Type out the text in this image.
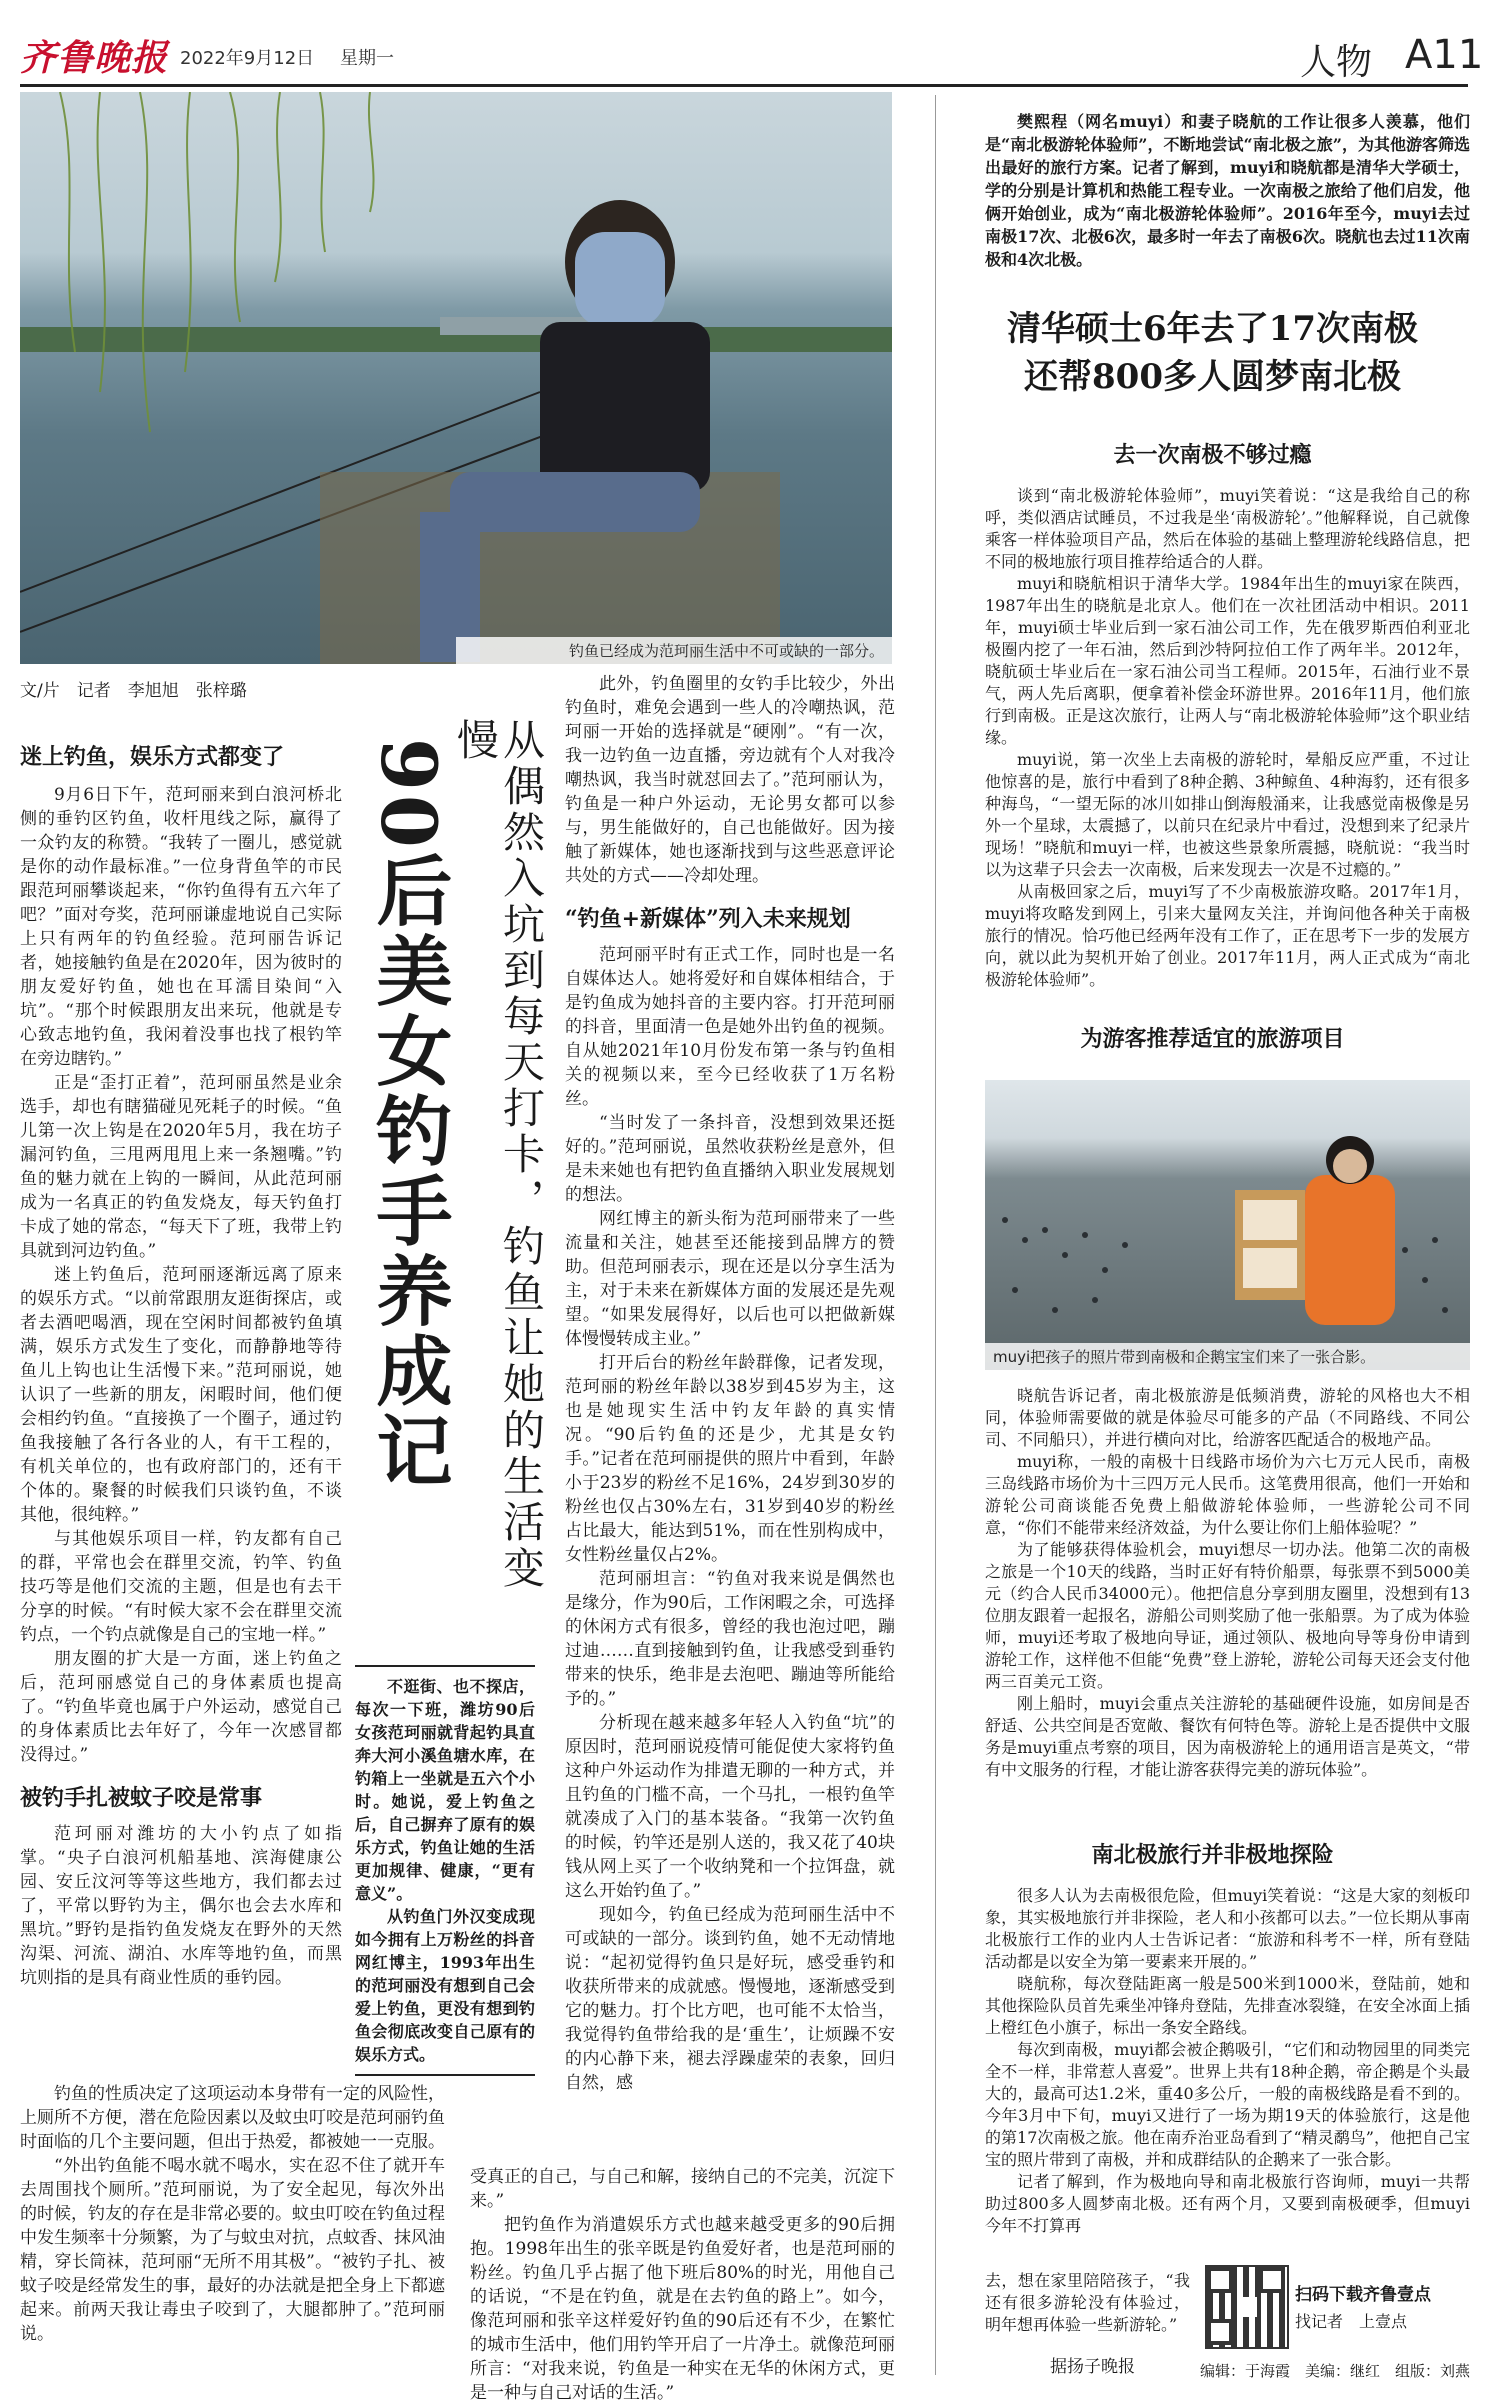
齐鲁晚报 2022年9月12日 星期一	人物 A11
钓鱼已经成为范珂丽生活中不可或缺的一部分。
文/片　记者　李旭旭　张梓璐
迷上钓鱼，娱乐方式都变了

9月6日下午，范珂丽来到白浪河桥北侧的垂钓区钓鱼，收杆甩线之际，赢得了一众钓友的称赞。“我转了一圈儿，感觉就是你的动作最标准。”一位身背鱼竿的市民跟范珂丽攀谈起来，“你钓鱼得有五六年了吧？”面对夸奖，范珂丽谦虚地说自己实际上只有两年的钓鱼经验。范珂丽告诉记者，她接触钓鱼是在2020年，因为彼时的朋友爱好钓鱼，她也在耳濡目染间“入坑”。“那个时候跟朋友出来玩，他就是专心致志地钓鱼，我闲着没事也找了根钓竿在旁边瞎钓。”

正是“歪打正着”，范珂丽虽然是业余选手，却也有瞎猫碰见死耗子的时候。“鱼儿第一次上钩是在2020年5月，我在坊子漏河钓鱼，三甩两甩甩上来一条翘嘴。”钓鱼的魅力就在上钩的一瞬间，从此范珂丽成为一名真正的钓鱼发烧友，每天钓鱼打卡成了她的常态，“每天下了班，我带上钓具就到河边钓鱼。”

迷上钓鱼后，范珂丽逐渐远离了原来的娱乐方式。“以前常跟朋友逛街探店，或者去酒吧喝酒，现在空闲时间都被钓鱼填满，娱乐方式发生了变化，而静静地等待鱼儿上钩也让生活慢下来。”范珂丽说，她认识了一些新的朋友，闲暇时间，他们便会相约钓鱼。“直接换了一个圈子，通过钓鱼我接触了各行各业的人，有干工程的，有机关单位的，也有政府部门的，还有干个体的。聚餐的时候我们只谈钓鱼，不谈其他，很纯粹。”

与其他娱乐项目一样，钓友都有自己的群，平常也会在群里交流，钓竿、钓鱼技巧等是他们交流的主题，但是也有去干分享的时候。“有时候大家不会在群里交流钓点，一个钓点就像是自己的宝地一样。”

朋友圈的扩大是一方面，迷上钓鱼之后，范珂丽感觉自己的身体素质也提高了。“钓鱼毕竟也属于户外运动，感觉自己的身体素质比去年好了，今年一次感冒都没得过。”

被钓手扎被蚊子咬是常事

范珂丽对潍坊的大小钓点了如指掌。“央子白浪河机船基地、滨海健康公园、安丘汶河等等这些地方，我们都去过了，平常以野钓为主，偶尔也会去水库和黑坑。”野钓是指钓鱼发烧友在野外的天然沟渠、河流、湖泊、水库等地钓鱼，而黑坑则指的是具有商业性质的垂钓园。

90后美女钓手养成记	从偶然入坑到每天打卡，钓鱼让她的生活变慢

不逛街、也不探店，每次一下班，潍坊90后女孩范珂丽就背起钓具直奔大河小溪鱼塘水库，在钓箱上一坐就是五六个小时。她说，爱上钓鱼之后，自己摒弃了原有的娱乐方式，钓鱼让她的生活更加规律、健康，“更有意义”。

从钓鱼门外汉变成现如今拥有上万粉丝的抖音网红博主，1993年出生的范珂丽没有想到自己会爱上钓鱼，更没有想到钓鱼会彻底改变自己原有的娱乐方式。

钓鱼的性质决定了这项运动本身带有一定的风险性，上厕所不方便，潜在危险因素以及蚊虫叮咬是范珂丽钓鱼时面临的几个主要问题，但出于热爱，都被她一一克服。

“外出钓鱼能不喝水就不喝水，实在忍不住了就开车去周围找个厕所。”范珂丽说，为了安全起见，每次外出的时候，钓友的存在是非常必要的。蚊虫叮咬在钓鱼过程中发生频率十分频繁，为了与蚊虫对抗，点蚊香、抹风油精，穿长筒袜，范珂丽“无所不用其极”。“被钓子扎、被蚊子咬是经常发生的事，最好的办法就是把全身上下都遮起来。前两天我让毒虫子咬到了，大腿都肿了。”范珂丽说。

此外，钓鱼圈里的女钓手比较少，外出钓鱼时，难免会遇到一些人的冷嘲热讽，范珂丽一开始的选择就是“硬刚”。“有一次，我一边钓鱼一边直播，旁边就有个人对我冷嘲热讽，我当时就怼回去了。”范珂丽认为，钓鱼是一种户外运动，无论男女都可以参与，男生能做好的，自己也能做好。因为接触了新媒体，她也逐渐找到与这些恶意评论共处的方式——冷却处理。

“钓鱼+新媒体”列入未来规划

范珂丽平时有正式工作，同时也是一名自媒体达人。她将爱好和自媒体相结合，于是钓鱼成为她抖音的主要内容。打开范珂丽的抖音，里面清一色是她外出钓鱼的视频。自从她2021年10月份发布第一条与钓鱼相关的视频以来，至今已经收获了1万名粉丝。

“当时发了一条抖音，没想到效果还挺好的。”范珂丽说，虽然收获粉丝是意外，但是未来她也有把钓鱼直播纳入职业发展规划的想法。

网红博主的新头衔为范珂丽带来了一些流量和关注，她甚至还能接到品牌方的赞助。但范珂丽表示，现在还是以分享生活为主，对于未来在新媒体方面的发展还是先观望。“如果发展得好，以后也可以把做新媒体慢慢转成主业。”

打开后台的粉丝年龄群像，记者发现，范珂丽的粉丝年龄以38岁到45岁为主，这也是她现实生活中钓友年龄的真实情况。“90后钓鱼的还是少，尤其是女钓手。”记者在范珂丽提供的照片中看到，年龄小于23岁的粉丝不足16%，24岁到30岁的粉丝也仅占30%左右，31岁到40岁的粉丝占比最大，能达到51%，而在性别构成中，女性粉丝量仅占2%。

范珂丽坦言：“钓鱼对我来说是偶然也是缘分，作为90后，工作闲暇之余，可选择的休闲方式有很多，曾经的我也泡过吧，蹦过迪……直到接触到钓鱼，让我感受到垂钓带来的快乐，绝非是去泡吧、蹦迪等所能给予的。”

分析现在越来越多年轻人入钓鱼“坑”的原因时，范珂丽说疫情可能促使大家将钓鱼这种户外运动作为排遣无聊的一种方式，并且钓鱼的门槛不高，一个马扎，一根钓鱼竿就凑成了入门的基本装备。“我第一次钓鱼的时候，钓竿还是别人送的，我又花了40块钱从网上买了一个收纳凳和一个拉饵盘，就这么开始钓鱼了。”

现如今，钓鱼已经成为范珂丽生活中不可或缺的一部分。谈到钓鱼，她不无动情地说：“起初觉得钓鱼只是好玩，感受垂钓和收获所带来的成就感。慢慢地，逐渐感受到它的魅力。打个比方吧，也可能不太恰当，我觉得钓鱼带给我的是‘重生’，让烦躁不安的内心静下来，褪去浮躁虚荣的表象，回归自然，感

受真正的自己，与自己和解，接纳自己的不完美，沉淀下来。”

把钓鱼作为消遣娱乐方式也越来越受更多的90后拥抱。1998年出生的张辛既是钓鱼爱好者，也是范珂丽的粉丝。钓鱼几乎占据了他下班后80%的时光，用他自己的话说，“不是在钓鱼，就是在去钓鱼的路上”。如今，像范珂丽和张辛这样爱好钓鱼的90后还有不少，在繁忙的城市生活中，他们用钓竿开启了一片净土。就像范珂丽所言：“对我来说，钓鱼是一种实在无华的休闲方式，更是一种与自己对话的生活。”

樊熙程（网名muyi）和妻子晓航的工作让很多人羡慕，他们是“南北极游轮体验师”，不断地尝试“南北极之旅”，为其他游客筛选出最好的旅行方案。记者了解到，muyi和晓航都是清华大学硕士，学的分别是计算机和热能工程专业。一次南极之旅给了他们启发，他俩开始创业，成为“南北极游轮体验师”。2016年至今，muyi去过南极17次、北极6次，最多时一年去了南极6次。晓航也去过11次南极和4次北极。
清华硕士6年去了17次南极
还帮800多人圆梦南北极
去一次南极不够过瘾

谈到“南北极游轮体验师”，muyi笑着说：“这是我给自己的称呼，类似酒店试睡员，不过我是坐‘南极游轮’。”他解释说，自己就像乘客一样体验项目产品，然后在体验的基础上整理游轮线路信息，把不同的极地旅行项目推荐给适合的人群。

muyi和晓航相识于清华大学。1984年出生的muyi家在陕西，1987年出生的晓航是北京人。他们在一次社团活动中相识。2011年，muyi硕士毕业后到一家石油公司工作，先在俄罗斯西伯利亚北极圈内挖了一年石油，然后到沙特阿拉伯工作了两年半。2012年，晓航硕士毕业后在一家石油公司当工程师。2015年，石油行业不景气，两人先后离职，便拿着补偿金环游世界。2016年11月，他们旅行到南极。正是这次旅行，让两人与“南北极游轮体验师”这个职业结缘。

muyi说，第一次坐上去南极的游轮时，晕船反应严重，不过让他惊喜的是，旅行中看到了8种企鹅、3种鲸鱼、4种海豹，还有很多种海鸟，“一望无际的冰川如排山倒海般涌来，让我感觉南极像是另外一个星球，太震撼了，以前只在纪录片中看过，没想到来了纪录片现场！”晓航和muyi一样，也被这些景象所震撼，晓航说：“我当时以为这辈子只会去一次南极，后来发现去一次是不过瘾的。”

从南极回家之后，muyi写了不少南极旅游攻略。2017年1月，muyi将攻略发到网上，引来大量网友关注，并询问他各种关于南极旅行的情况。恰巧他已经两年没有工作了，正在思考下一步的发展方向，就以此为契机开始了创业。2017年11月，两人正式成为“南北极游轮体验师”。

为游客推荐适宜的旅游项目
muyi把孩子的照片带到南极和企鹅宝宝们来了一张合影。

晓航告诉记者，南北极旅游是低频消费，游轮的风格也大不相同，体验师需要做的就是体验尽可能多的产品（不同路线、不同公司、不同船只），并进行横向对比，给游客匹配适合的极地产品。

muyi称，一般的南极十日线路市场价为六七万元人民币，南极三岛线路市场价为十三四万元人民币。这笔费用很高，他们一开始和游轮公司商谈能否免费上船做游轮体验师，一些游轮公司不同意，“你们不能带来经济效益，为什么要让你们上船体验呢？”

为了能够获得体验机会，muyi想尽一切办法。他第二次的南极之旅是一个10天的线路，当时正好有特价船票，每张票不到5000美元（约合人民币34000元）。他把信息分享到朋友圈里，没想到有13位朋友跟着一起报名，游船公司则奖励了他一张船票。为了成为体验师，muyi还考取了极地向导证，通过领队、极地向导等身份申请到游轮工作，这样他不但能“免费”登上游轮，游轮公司每天还会支付他两三百美元工资。

刚上船时，muyi会重点关注游轮的基础硬件设施，如房间是否舒适、公共空间是否宽敞、餐饮有何特色等。游轮上是否提供中文服务是muyi重点考察的项目，因为南极游轮上的通用语言是英文，“带有中文服务的行程，才能让游客获得完美的游玩体验”。

南北极旅行并非极地探险

很多人认为去南极很危险，但muyi笑着说：“这是大家的刻板印象，其实极地旅行并非探险，老人和小孩都可以去。”一位长期从事南北极旅行工作的业内人士告诉记者：“旅游和科考不一样，所有登陆活动都是以安全为第一要素来开展的。”

晓航称，每次登陆距离一般是500米到1000米，登陆前，她和其他探险队员首先乘坐冲锋舟登陆，先排查冰裂缝，在安全冰面上插上橙红色小旗子，标出一条安全路线。

每次到南极，muyi都会被企鹅吸引，“它们和动物园里的同类完全不一样，非常惹人喜爱”。世界上共有18种企鹅，帝企鹅是个头最大的，最高可达1.2米，重40多公斤，一般的南极线路是看不到的。今年3月中下旬，muyi又进行了一场为期19天的体验旅行，这是他的第17次南极之旅。他在南乔治亚岛看到了“精灵鹬鸟”，他把自己宝宝的照片带到了南极，并和成群结队的企鹅来了一张合影。

记者了解到，作为极地向导和南北极旅行咨询师，muyi一共帮助过800多人圆梦南北极。还有两个月，又要到南极硬季，但muyi今年不打算再

去，想在家里陪陪孩子，“我还有很多游轮没有体验过，明年想再体验一些新游轮。”

扫码下载齐鲁壹点
找记者　上壹点
据扬子晚报	编辑：于海霞　美编：继红　组版：刘燕
